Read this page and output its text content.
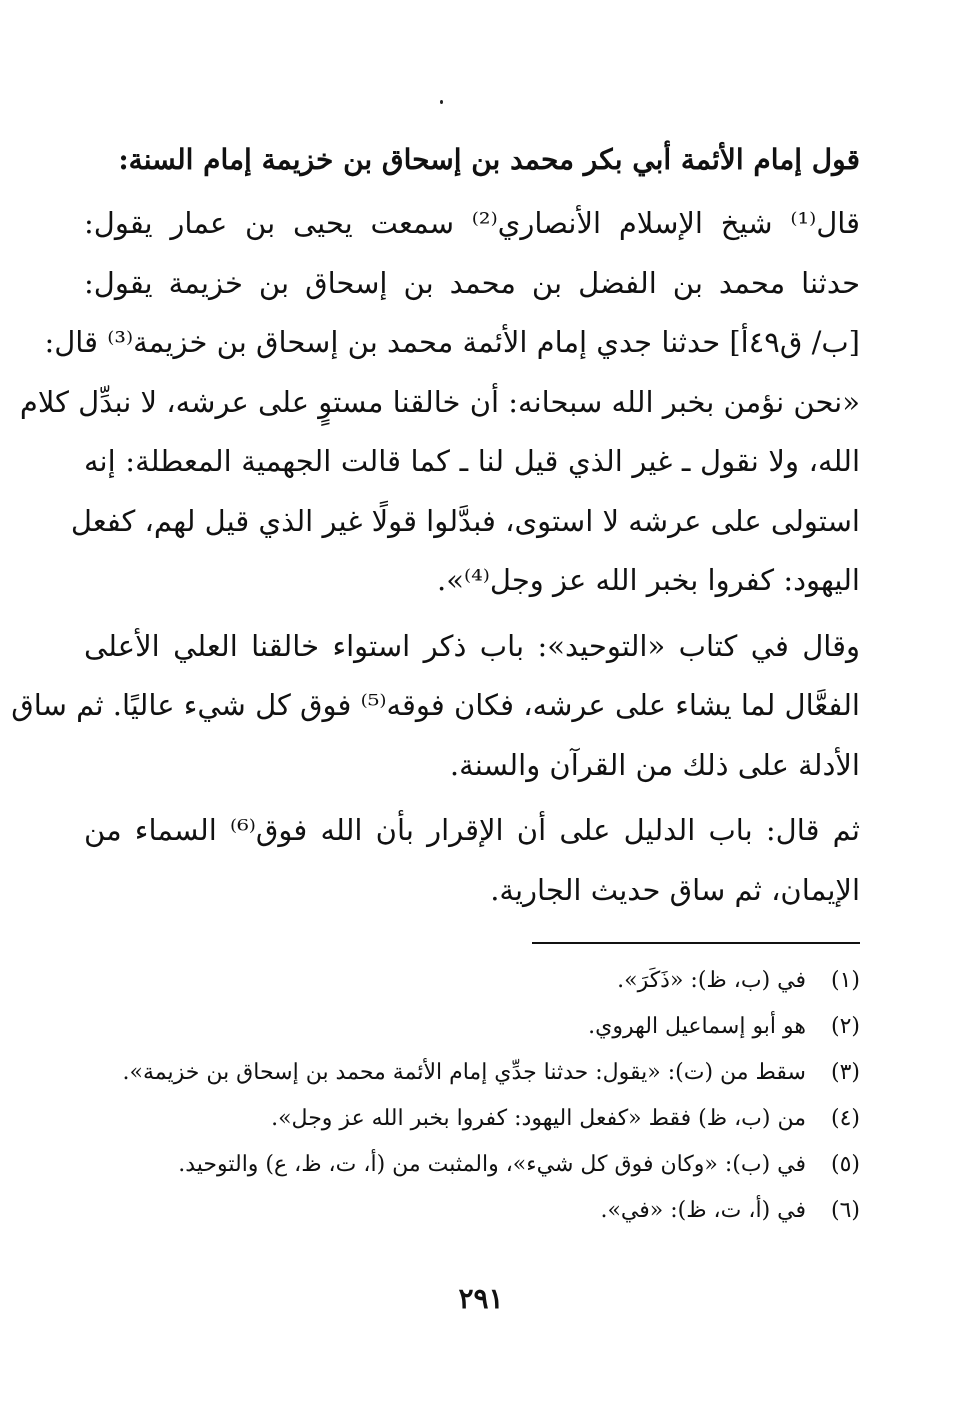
قول إمام الأئمة أبي بكر محمد بن إسحاق بن خزيمة إمام السنة:
قال⁽¹⁾ شيخ الإسلام الأنصاري⁽²⁾ سمعت يحيى بن عمار يقول:
حدثنا محمد بن الفضل بن محمد بن إسحاق بن خزيمة يقول:
[ب/ ق٤٩أ] حدثنا جدي إمام الأئمة محمد بن إسحاق بن خزيمة⁽³⁾ قال:
«نحن نؤمن بخبر الله سبحانه: أن خالقنا مستوٍ على عرشه، لا نبدِّل كلام
الله، ولا نقول ـ غير الذي قيل لنا ـ كما قالت الجهمية المعطلة: إنه
استولى على عرشه لا استوى، فبدَّلوا قولًا غير الذي قيل لهم، كفعل
اليهود: كفروا بخبر الله عز وجل⁽⁴⁾».
وقال في كتاب «التوحيد»: باب ذكر استواء خالقنا العلي الأعلى
الفعَّال لما يشاء على عرشه، فكان فوقه⁽⁵⁾ فوق كل شيء عاليًا. ثم ساق
الأدلة على ذلك من القرآن والسنة.
ثم قال: باب الدليل على أن الإقرار بأن الله فوق⁽⁶⁾ السماء من
الإيمان، ثم ساق حديث الجارية.
(١)في (ب، ظ): «ذَكَرَ».
(٢)هو أبو إسماعيل الهروي.
(٣)سقط من (ت): «يقول: حدثنا جدِّي إمام الأئمة محمد بن إسحاق بن خزيمة».
(٤)من (ب، ظ) فقط «كفعل اليهود: كفروا بخبر الله عز وجل».
(٥)في (ب): «وكان فوق كل شيء»، والمثبت من (أ، ت، ظ، ع) والتوحيد.
(٦)في (أ، ت، ظ): «في».
٢٩١
